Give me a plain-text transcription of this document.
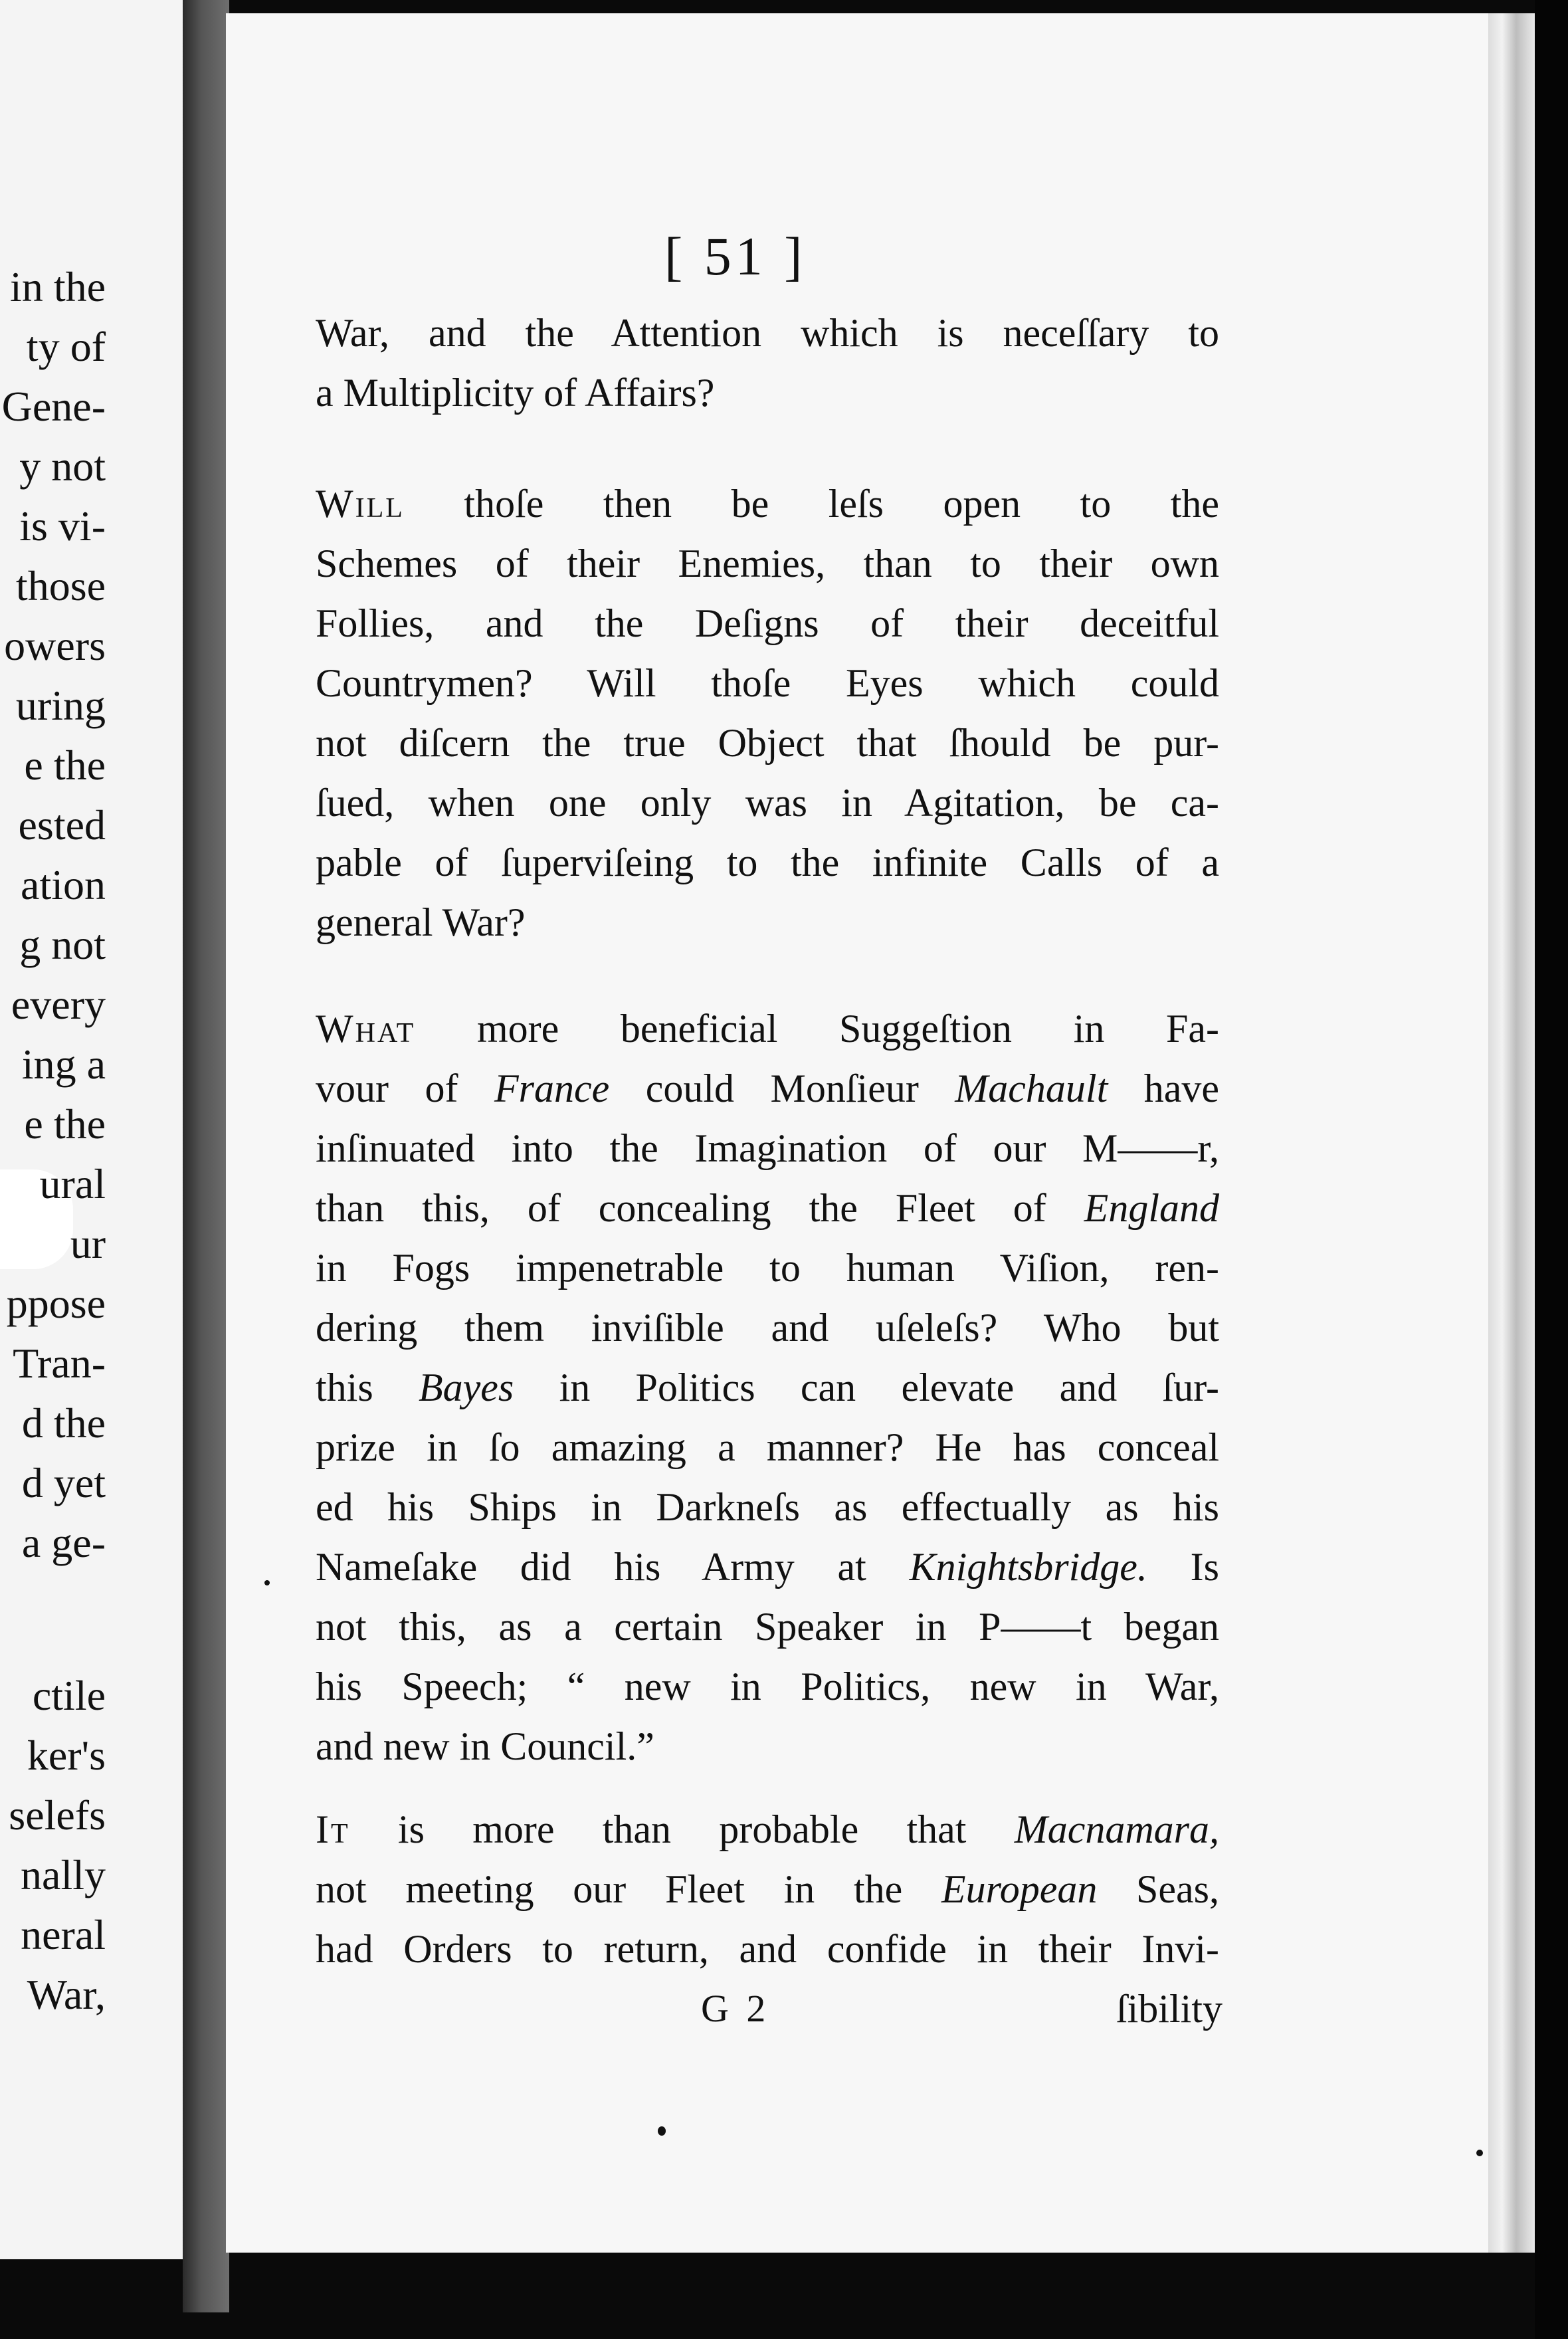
in the
ty of
Gene-
y not
is vi-
those
owers
uring
e the
ested
ation
g not
every
ing a
e the
ural
ur
ppose
Tran-
d the
d yet
a ge-
ctile
ker's
selefs
nally
neral
War,
[ 51 ]
War, and the Attention which is neceſſary to
a Multiplicity of Affairs?
Will thoſe then be leſs open to the
Schemes of their Enemies, than to their own
Follies, and the Deſigns of their deceitful
Countrymen? Will thoſe Eyes which could
not diſcern the true Object that ſhould be pur-
ſued, when one only was in Agitation, be ca-
pable of ſuperviſeing to the infinite Calls of a
general War?
What more beneficial Suggeſtion in Fa-
vour of France could Monſieur Machault have
inſinuated into the Imagination of our M——r,
than this, of concealing the Fleet of England
in Fogs impenetrable to human Viſion, ren-
dering them inviſible and uſeleſs? Who but
this Bayes in Politics can elevate and ſur-
prize in ſo amazing a manner? He has conceal
ed his Ships in Darkneſs as effectually as his
Nameſake did his Army at Knightsbridge. Is
not this, as a certain Speaker in P——t began
his Speech; “ new in Politics, new in War,
and new in Council.”
It is more than probable that Macnamara,
not meeting our Fleet in the European Seas,
had Orders to return, and confide in their Invi-
G 2	ſibility
